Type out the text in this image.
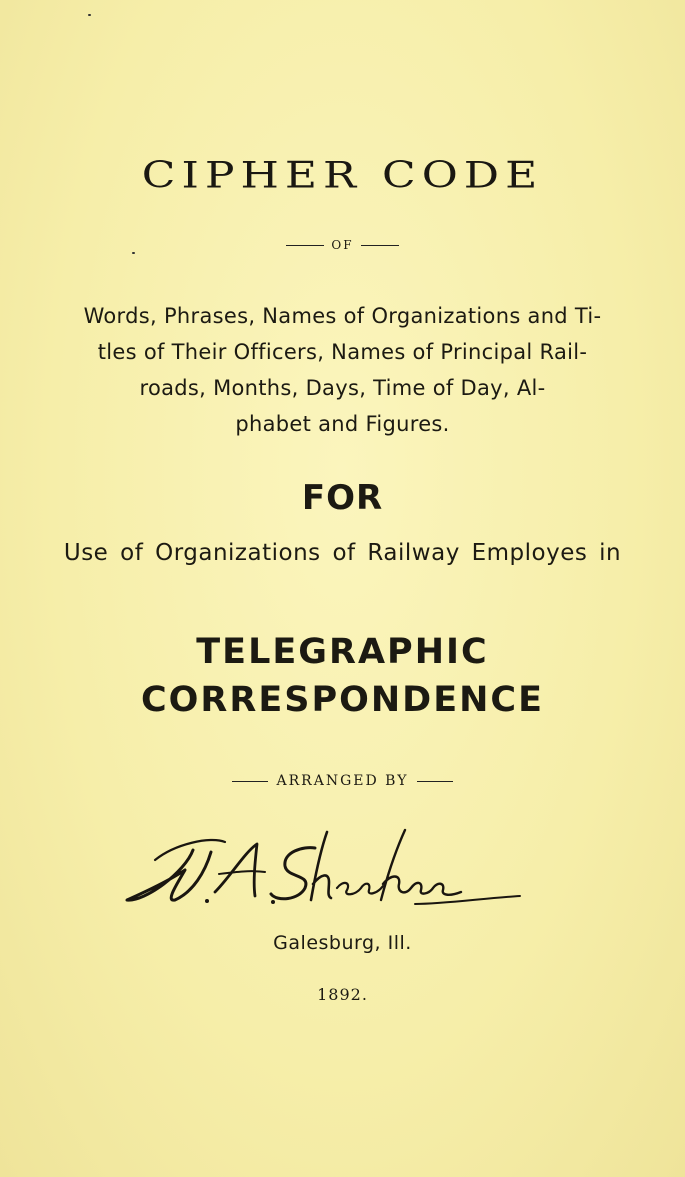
CIPHER CODE
OF
Words, Phrases, Names of Organizations and Ti-
tles of Their Officers, Names of Principal Rail-
roads, Months, Days, Time of Day, Al-
phabet and Figures.
FOR
Use of Organizations of Railway Employes in
TELEGRAPHIC
CORRESPONDENCE
ARRANGED BY
Galesburg, Ill.
1892.
